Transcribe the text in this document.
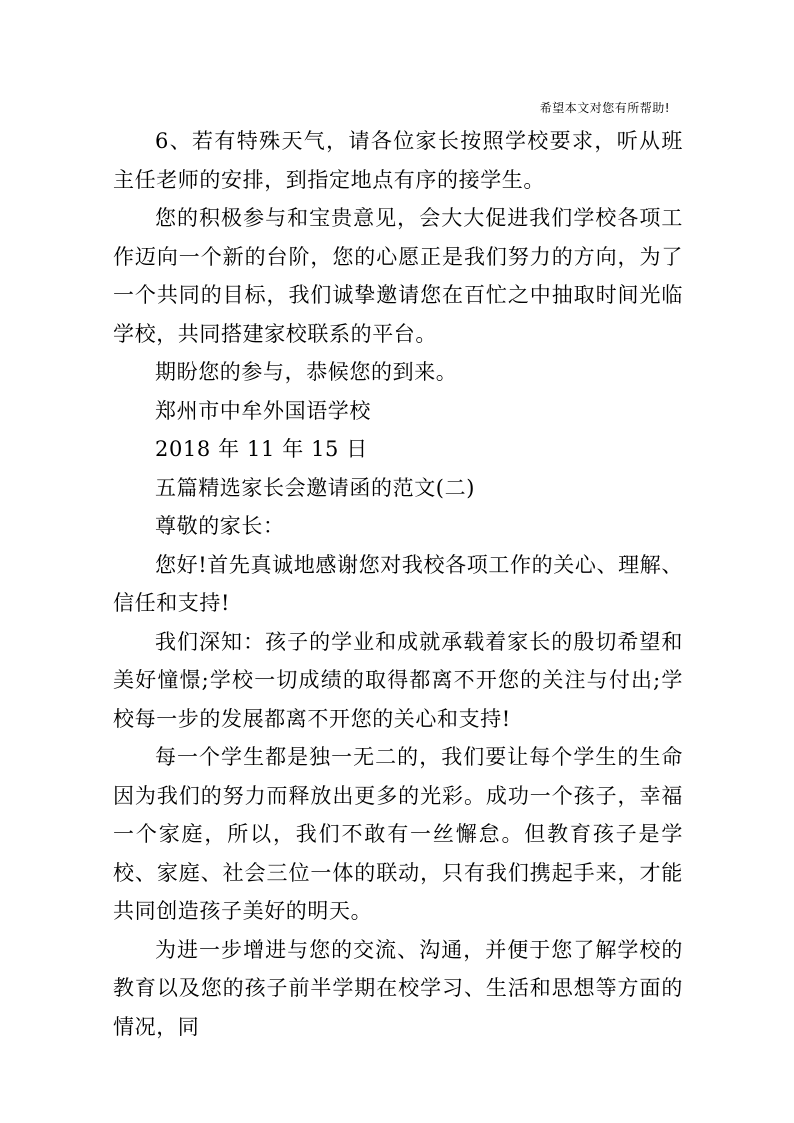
希望本文对您有所帮助!

6、若有特殊天气，请各位家长按照学校要求，听从班主任老师的安排，到指定地点有序的接学生。

您的积极参与和宝贵意见，会大大促进我们学校各项工作迈向一个新的台阶，您的心愿正是我们努力的方向，为了一个共同的目标，我们诚挚邀请您在百忙之中抽取时间光临学校，共同搭建家校联系的平台。

期盼您的参与，恭候您的到来。

郑州市中牟外国语学校

2018 年 11 年 15 日

五篇精选家长会邀请函的范文(二)

尊敬的家长：

您好!首先真诚地感谢您对我校各项工作的关心、理解、信任和支持!

我们深知：孩子的学业和成就承载着家长的殷切希望和美好憧憬;学校一切成绩的取得都离不开您的关注与付出;学校每一步的发展都离不开您的关心和支持!

每一个学生都是独一无二的，我们要让每个学生的生命因为我们的努力而释放出更多的光彩。成功一个孩子，幸福一个家庭，所以，我们不敢有一丝懈怠。但教育孩子是学校、家庭、社会三位一体的联动，只有我们携起手来，才能共同创造孩子美好的明天。

为进一步增进与您的交流、沟通，并便于您了解学校的教育以及您的孩子前半学期在校学习、生活和思想等方面的情况，同
